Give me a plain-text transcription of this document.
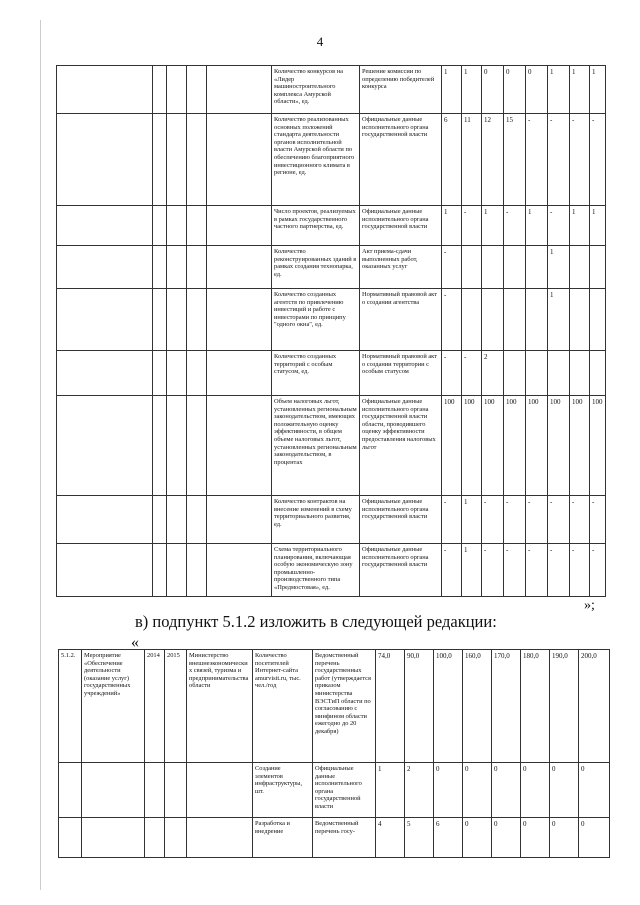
4
					Количество конкурсов на «Лидер машиностроительного комплекса Амурской области», ед.	Решение комиссии по определению победителей конкурса	1	1	0	0	0	1	1	1
					Количество реализованных основных положений стандарта деятельности органов исполнительной власти Амурской области по обеспечению благоприятного инвестиционного климата в регионе, ед.	Официальные данные исполнительного органа государственной власти	6	11	12	15	-	-	-	-
					Число проектов, реализуемых в рамках государственного частного партнерства, ед.	Официальные данные исполнительного органа государственной власти	1	-	1	-	1	-	1	1
					Количество реконструированных зданий в рамках создания технопарка, ед.	Акт приема-сдачи выполненных работ, оказанных услуг	-					1		
					Количество созданных агентств по привлечению инвестиций и работе с инвесторами по принципу "одного окна", ед.	Нормативный правовой акт о создании агентства	-					1		
					Количество созданных территорий с особым статусом, ед.	Нормативный правовой акт о создании территории с особым статусом	-	-	2					
					Объем налоговых льгот, установленных региональным законодательством, имеющих положительную оценку эффективности, в общем объеме налоговых льгот, установленных региональным законодательством, в процентах	Официальные данные исполнительного органа государственной власти области, проводившего оценку эффективности предоставления налоговых льгот	100	100	100	100	100	100	100	100
					Количество контрактов на внесение изменений в схему территориального развития, ед.	Официальные данные исполнительного органа государственной власти	-	1	-	-	-	-	-	-
					Схема территориального планирования, включающая особую экономическую зону промышленно-производственного типа «Предмостовая», ед.	Официальные данные исполнительного органа государственной власти	-	1	-	-	-	-	-	-
»;
в) подпункт 5.1.2 изложить в следующей редакции:
«
5.1.2.	Мероприятие «Обеспечение деятельности (оказание услуг) государственных учреждений»	2014	2015	Министерство внешнеэкономических связей, туризма и предпринимательства области	Количество посетителей Интернет-сайта amurvisit.ru, тыс. чел./год	Ведомственный перечень государственных работ (утверждается приказом министерства ВЭСТиП области по согласованию с минфином области ежегодно до 20 декабря)	74,0	90,0	100,0	160,0	170,0	180,0	190,0	200,0
					Создание элементов инфраструктуры, шт.	Официальные данные исполнительного органа государственной власти	1	2	0	0	0	0	0	0
					Разработка и внедрение	Ведомственный перечень госу-	4	5	6	0	0	0	0	0
